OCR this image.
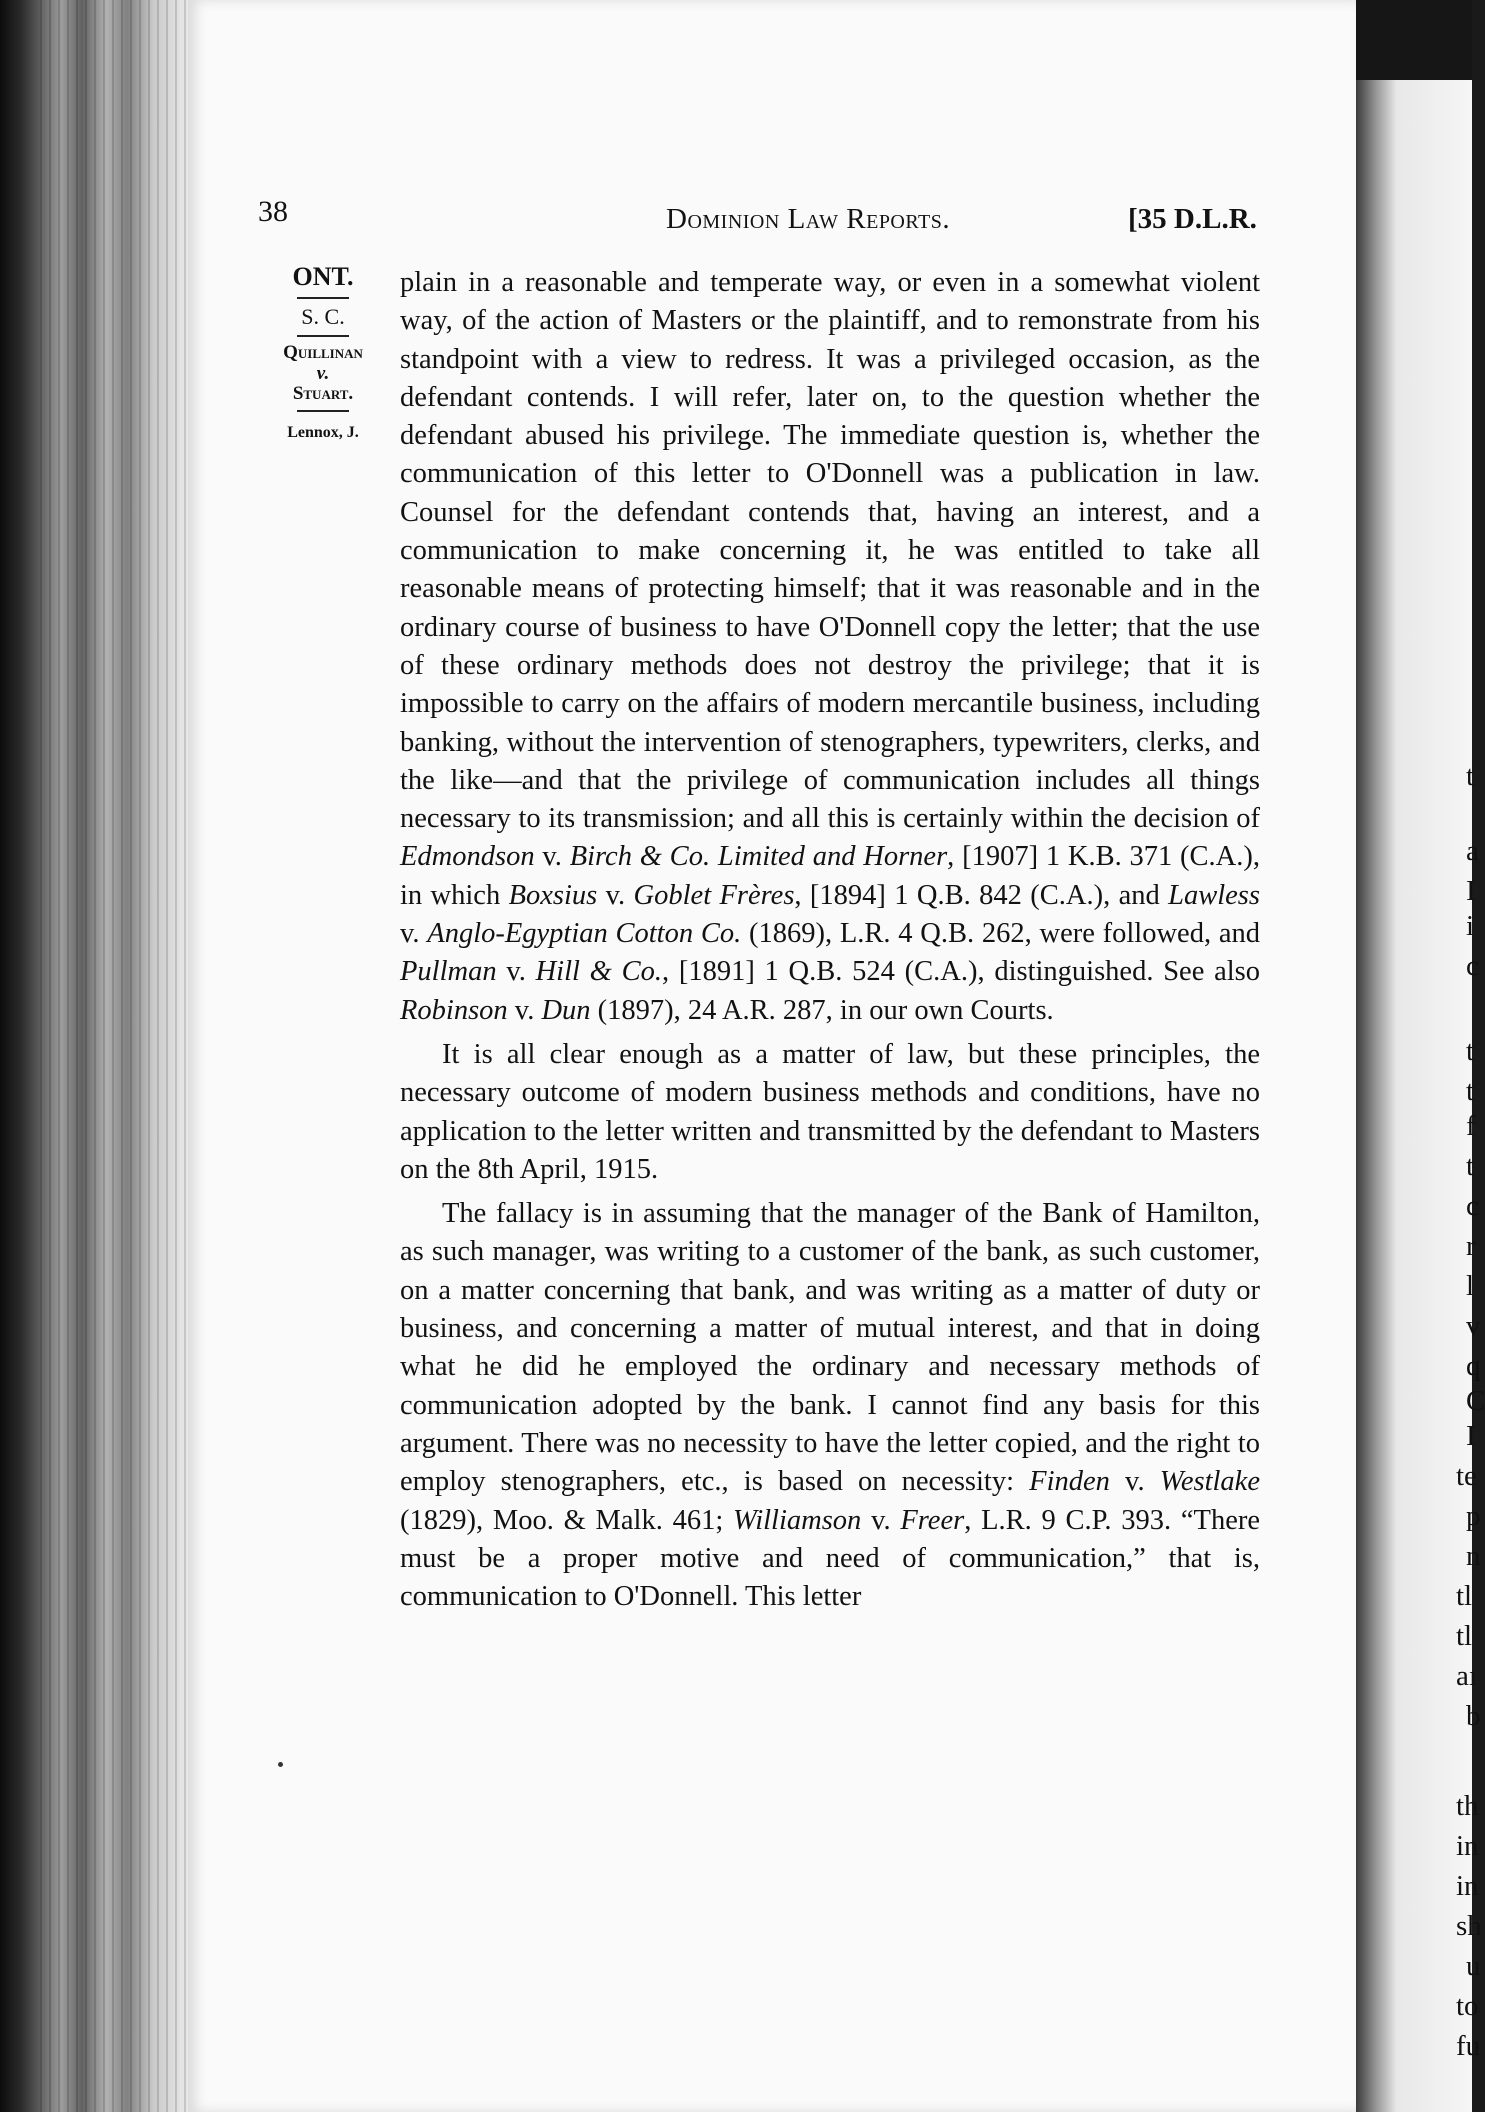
38	Dominion Law Reports.	[35 D.L.R.
ONT.
S. C.
Quillinan
v.
Stuart.
Lennox, J.

plain in a reasonable and temperate way, or even in a somewhat violent way, of the action of Masters or the plaintiff, and to remonstrate from his standpoint with a view to redress. It was a privileged occasion, as the defendant contends. I will refer, later on, to the question whether the defendant abused his privilege. The immediate question is, whether the communication of this letter to O'Donnell was a publication in law. Counsel for the defendant contends that, having an interest, and a communication to make concerning it, he was entitled to take all reasonable means of protecting himself; that it was reasonable and in the ordinary course of business to have O'Donnell copy the letter; that the use of these ordinary methods does not destroy the privilege; that it is impossible to carry on the affairs of modern mercantile business, including banking, without the intervention of stenographers, typewriters, clerks, and the like—and that the privilege of communication includes all things necessary to its transmission; and all this is certainly within the decision of Edmondson v. Birch & Co. Limited and Horner, [1907] 1 K.B. 371 (C.A.), in which Boxsius v. Goblet Frères, [1894] 1 Q.B. 842 (C.A.), and Lawless v. Anglo-Egyptian Cotton Co. (1869), L.R. 4 Q.B. 262, were followed, and Pullman v. Hill & Co., [1891] 1 Q.B. 524 (C.A.), distinguished. See also Robinson v. Dun (1897), 24 A.R. 287, in our own Courts.

It is all clear enough as a matter of law, but these principles, the necessary outcome of modern business methods and conditions, have no application to the letter written and transmitted by the defendant to Masters on the 8th April, 1915.

The fallacy is in assuming that the manager of the Bank of Hamilton, as such manager, was writing to a customer of the bank, as such customer, on a matter concerning that bank, and was writing as a matter of duty or business, and concerning a matter of mutual interest, and that in doing what he did he employed the ordinary and necessary methods of communication adopted by the bank. I cannot find any basis for this argument. There was no necessity to have the letter copied, and the right to employ stenographers, etc., is based on necessity: Finden v. Westlake (1829), Moo. & Malk. 461; Williamson v. Freer, L.R. 9 C.P. 393. “There must be a proper motive and need of communication,” that is, communication to O'Donnell. This letter

t
a
I
i
c
t
t
f
t
c
r
l
v
q
C
I
te
p
n
tl
tl
aı
b
th
in
in
sh
u
to
fu
